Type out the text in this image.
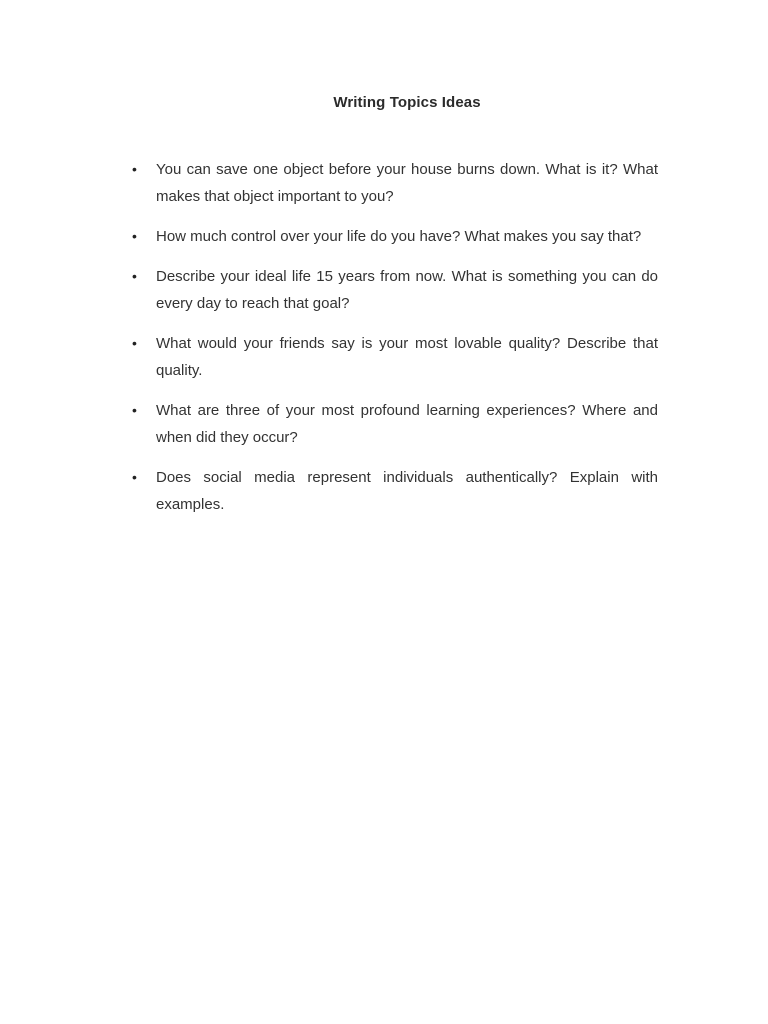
Writing Topics Ideas
• You can save one object before your house burns down. What is it? What makes that object important to you?
• How much control over your life do you have? What makes you say that?
• Describe your ideal life 15 years from now. What is something you can do every day to reach that goal?
• What would your friends say is your most lovable quality? Describe that quality.
• What are three of your most profound learning experiences? Where and when did they occur?
• Does social media represent individuals authentically? Explain with examples.
